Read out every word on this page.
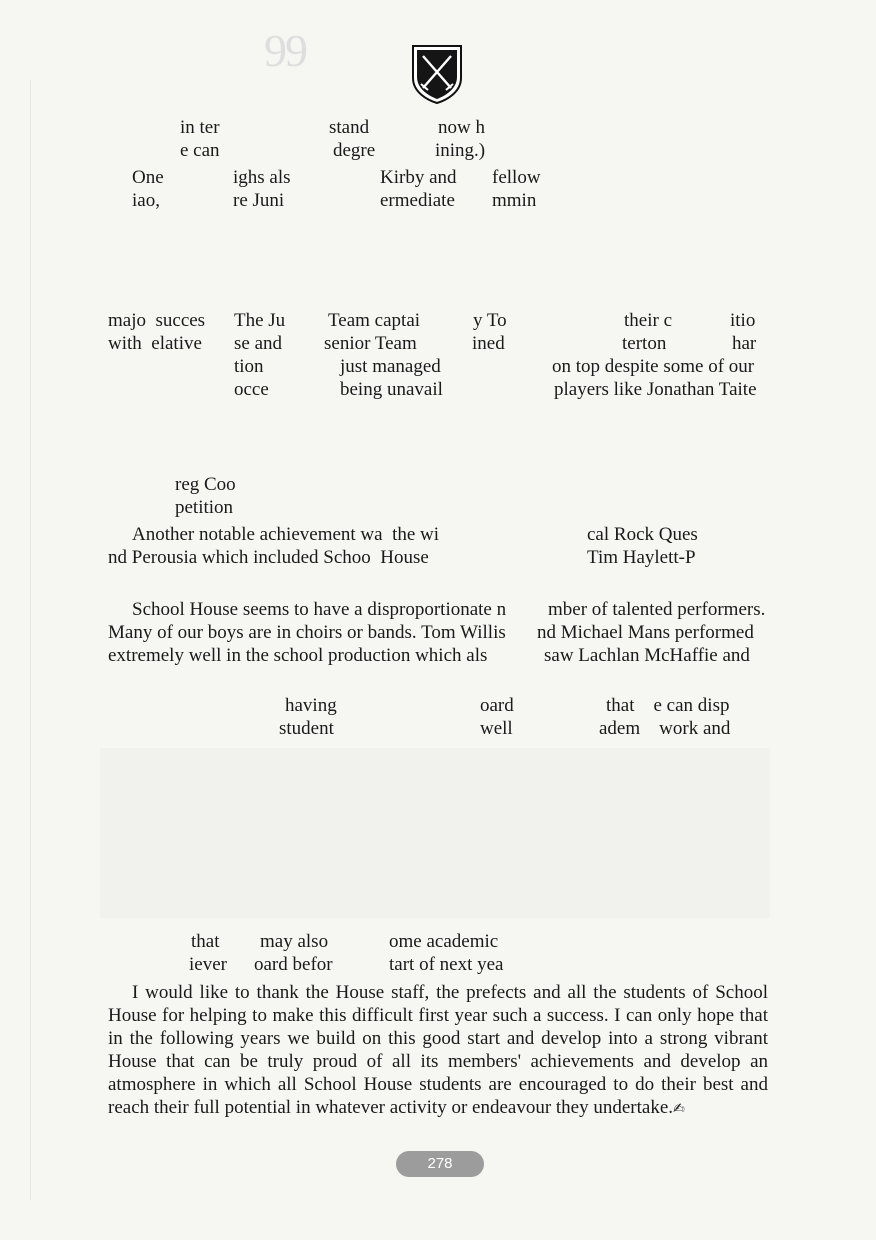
99
in ter	stand	now h
e can	degre	ining.)
One	ighs als	Kirby and fellow
iao,	re Juni	ermediate mmin
majo  succes The Ju Team captai	y To	their c	itio
with  elative se and senior Team	ined	terton	har
tion	just managed	on top despite some of our
occe	being unavail	players like Jonathan Taite
reg Coo
petition
Another notable achievement wa  the wi	cal Rock Ques
nd Perousia which included Schoo  House	Tim Haylett-P
School House seems to have a disproportionate n mber of talented performers.
Many of our boys are in choirs or bands. Tom Willis nd Michael Mans performed
extremely well in the school production which als	saw Lachlan McHaffie and
having	oard	that    e can disp
student	well	adem    work and
that may also	ome academic
iever oard befor	tart of next yea
I would like to thank the House staff, the prefects and all the students of School House for helping to make this difficult first year such a success. I can only hope that in the following years we build on this good start and develop into a strong vibrant House that can be truly proud of all its members' achievements and develop an atmosphere in which all School House students are encouraged to do their best and reach their full potential in whatever activity or endeavour they undertake.✍
278
